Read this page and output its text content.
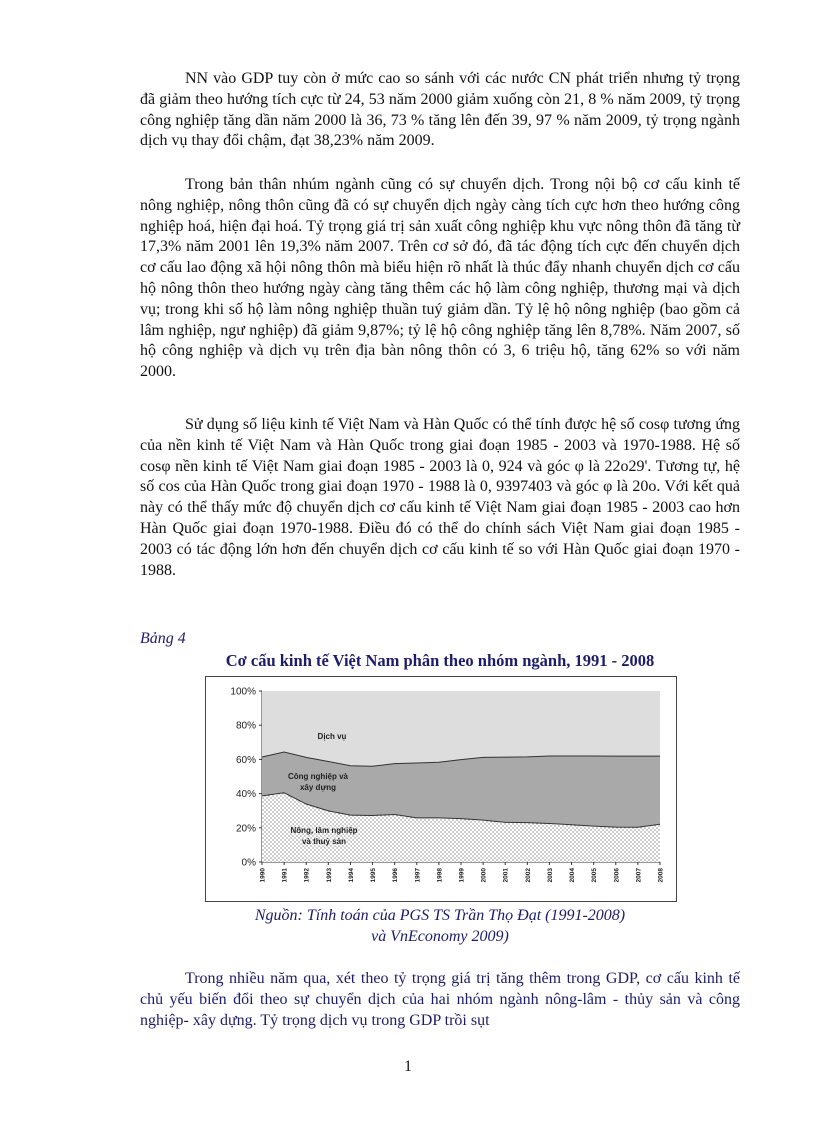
NN vào GDP tuy còn ở mức cao so sánh với các nước CN phát triển nhưng tỷ trọng đã giảm theo hướng tích cực từ 24, 53 năm 2000 giảm xuống còn 21, 8 % năm 2009, tỷ trọng công nghiệp tăng dần năm 2000 là 36, 73 % tăng lên đến 39, 97 % năm 2009, tỷ trọng ngành dịch vụ thay đổi chậm, đạt 38,23% năm 2009.

Trong bản thân nhúm ngành cũng có sự chuyển dịch. Trong nội bộ cơ cấu kinh tế nông nghiệp, nông thôn cũng đã có sự chuyển dịch ngày càng tích cực hơn theo hướng công nghiệp hoá, hiện đại hoá. Tỷ trọng giá trị sản xuất công nghiệp khu vực nông thôn đã tăng từ 17,3% năm 2001 lên 19,3% năm 2007. Trên cơ sở đó, đã tác động tích cực đến chuyển dịch cơ cấu lao động xã hội nông thôn mà biểu hiện rõ nhất là thúc đẩy nhanh chuyển dịch cơ cấu hộ nông thôn theo hướng ngày càng tăng thêm các hộ làm công nghiệp, thương mại và dịch vụ; trong khi số hộ làm nông nghiệp thuần tuý giảm dần. Tỷ lệ hộ nông nghiệp (bao gồm cả lâm nghiệp, ngư nghiệp) đã giảm 9,87%; tỷ lệ hộ công nghiệp tăng lên 8,78%. Năm 2007, số hộ công nghiệp và dịch vụ trên địa bàn nông thôn có 3, 6 triệu hộ, tăng 62% so với năm 2000.

Sử dụng số liệu kinh tế Việt Nam và Hàn Quốc có thể tính được hệ số cosφ tương ứng của nền kinh tế Việt Nam và Hàn Quốc trong giai đoạn 1985 - 2003 và 1970-1988. Hệ số cosφ nền kinh tế Việt Nam giai đoạn 1985 - 2003 là 0, 924 và góc φ là 22o29'. Tương tự, hệ số cos của Hàn Quốc trong giai đoạn 1970 - 1988 là 0, 9397403 và góc φ là 20o. Với kết quả này có thể thấy mức độ chuyển dịch cơ cấu kinh tế Việt Nam giai đoạn 1985 - 2003 cao hơn Hàn Quốc giai đoạn 1970-1988. Điều đó có thể do chính sách Việt Nam giai đoạn 1985 - 2003 có tác động lớn hơn đến chuyển dịch cơ cấu kinh tế so với Hàn Quốc giai đoạn 1970 - 1988.

Bảng 4
Cơ cấu kinh tế Việt Nam phân theo nhóm ngành, 1991 - 2008
0%
20%
40%
60%
80%
100%
1990 1991 1992 1993 1994 1995 1996 1997 1998 1999 2000 2001 2002 2003 2004 2005 2006 2007 2008
Nông, lâm nghiệp và thuỷ sản
Công nghiệp và xây dựng
Dịch vụ
Nguồn: Tính toán của PGS TS Trần Thọ Đạt (1991-2008)
và VnEconomy 2009)

Trong nhiều năm qua, xét theo tỷ trọng giá trị tăng thêm trong GDP, cơ cấu kinh tế chủ yếu biến đổi theo sự chuyển dịch của hai nhóm ngành nông-lâm - thủy sản và công nghiệp- xây dựng. Tỷ trọng dịch vụ trong GDP trồi sụt

1
